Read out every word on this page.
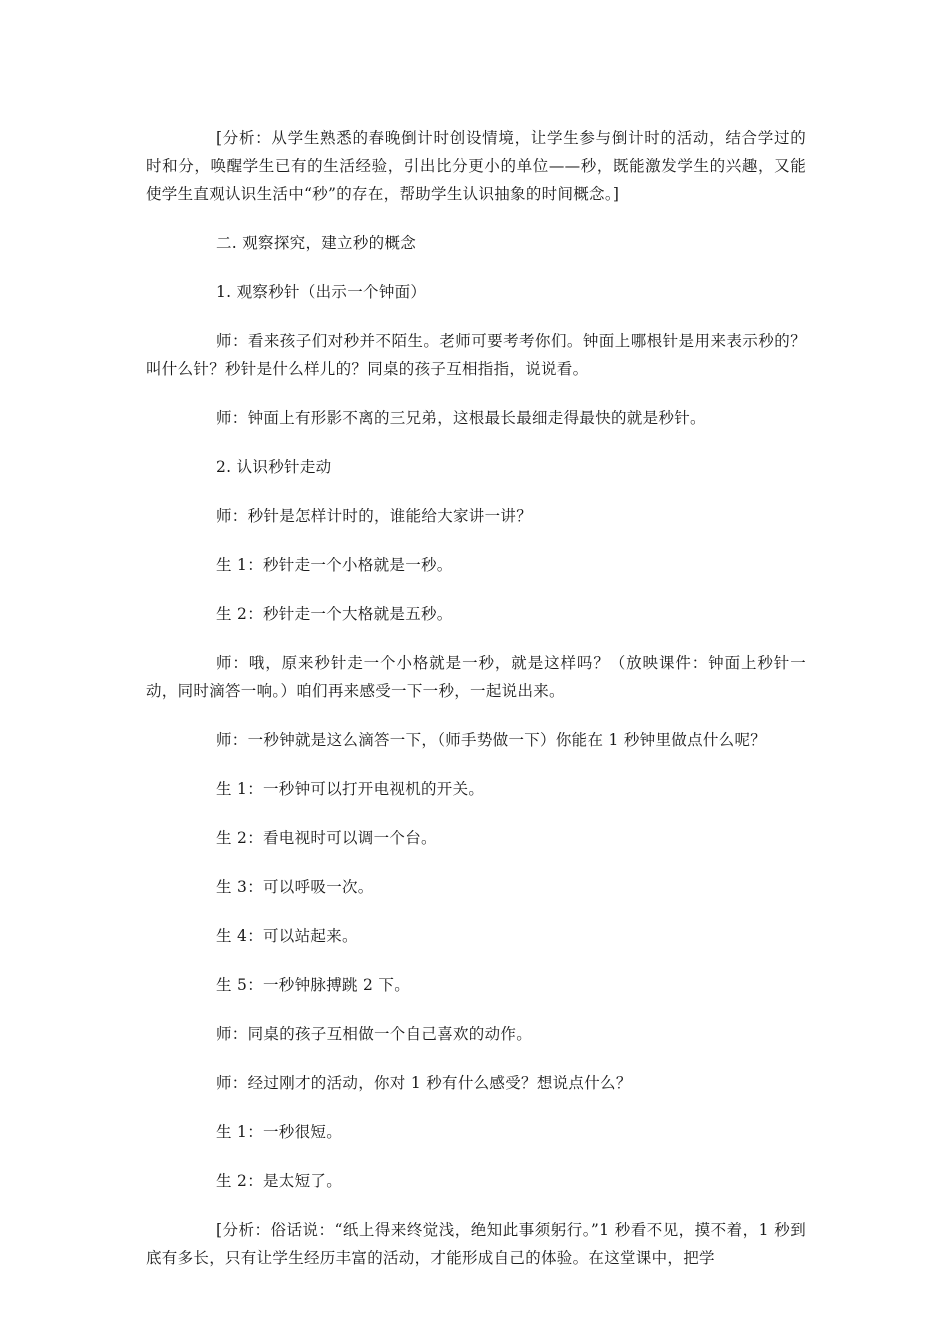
[分析：从学生熟悉的春晚倒计时创设情境，让学生参与倒计时的活动，结合学过的时和分，唤醒学生已有的生活经验，引出比分更小的单位——秒，既能激发学生的兴趣，又能使学生直观认识生活中“秒”的存在，帮助学生认识抽象的时间概念。]

二. 观察探究，建立秒的概念

1. 观察秒针（出示一个钟面）

师：看来孩子们对秒并不陌生。老师可要考考你们。钟面上哪根针是用来表示秒的？叫什么针？秒针是什么样儿的？同桌的孩子互相指指，说说看。

师：钟面上有形影不离的三兄弟，这根最长最细走得最快的就是秒针。

2. 认识秒针走动

师：秒针是怎样计时的，谁能给大家讲一讲？

生 1：秒针走一个小格就是一秒。

生 2：秒针走一个大格就是五秒。

师：哦，原来秒针走一个小格就是一秒，就是这样吗？（放映课件：钟面上秒针一动，同时滴答一响。）咱们再来感受一下一秒，一起说出来。

师：一秒钟就是这么滴答一下，（师手势做一下）你能在 1 秒钟里做点什么呢？

生 1：一秒钟可以打开电视机的开关。

生 2：看电视时可以调一个台。

生 3：可以呼吸一次。

生 4：可以站起来。

生 5：一秒钟脉搏跳 2 下。

师：同桌的孩子互相做一个自己喜欢的动作。

师：经过刚才的活动，你对 1 秒有什么感受？想说点什么？

生 1：一秒很短。

生 2：是太短了。

[分析：俗话说：“纸上得来终觉浅，绝知此事须躬行。”1 秒看不见，摸不着，1 秒到底有多长，只有让学生经历丰富的活动，才能形成自己的体验。在这堂课中，把学
